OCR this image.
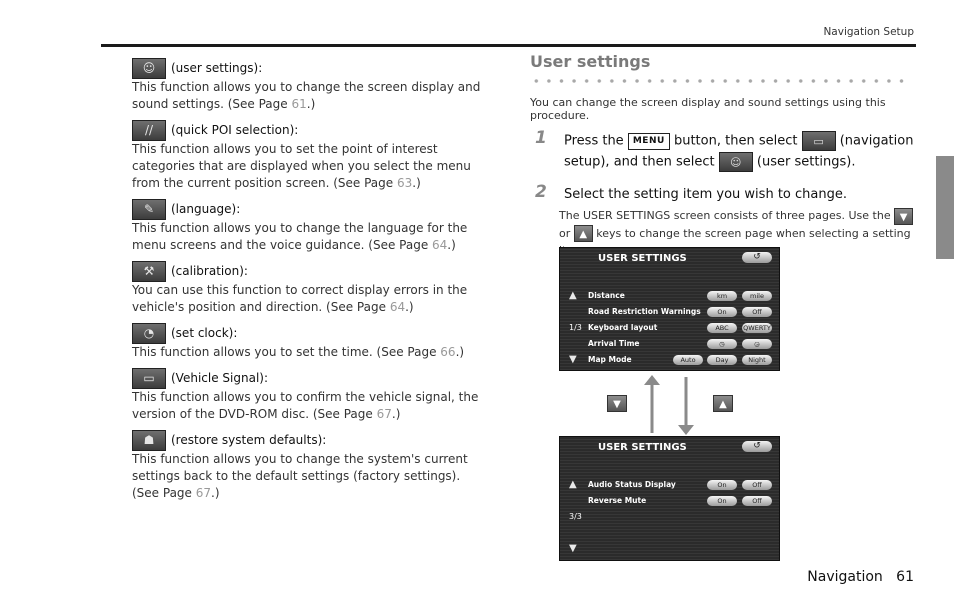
Navigation Setup
☺	(user settings):
This function allows you to change the screen display and sound settings. (See Page 61.)
//	(quick POI selection):
This function allows you to set the point of interest categories that are displayed when you select the menu from the current position screen. (See Page 63.)
✎	(language):
This function allows you to change the language for the menu screens and the voice guidance. (See Page 64.)
⚒	(calibration):
You can use this function to correct display errors in the vehicle's position and direction. (See Page 64.)
◔	(set clock):
This function allows you to set the time. (See Page 66.)
▭	(Vehicle Signal):
This function allows you to confirm the vehicle signal, the version of the DVD-ROM disc. (See Page 67.)
☗	(restore system defaults):
This function allows you to change the system's current settings back to the default settings (factory settings). (See Page 67.)
User settings
You can change the screen display and sound settings using this procedure.
1 Press the MENU button, then select ▭ (navigation setup), and then select ☺ (user settings).
2 Select the setting item you wish to change.
The USER SETTINGS screen consists of three pages. Use the ▼
or ▲ keys to change the screen page when selecting a setting
USER SETTINGS	↺
▲ Distance	km	mile
Road Restriction Warnings	On	Off
1/3 Keyboard layout	ABC	QWERTY
Arrival Time	◷	◶
▼ Map Mode	Auto	Day	Night
▼	▲
USER SETTINGS	↺
▲ Audio Status Display	On	Off
Reverse Mute	On	Off
3/3
▼
Navigation 61
